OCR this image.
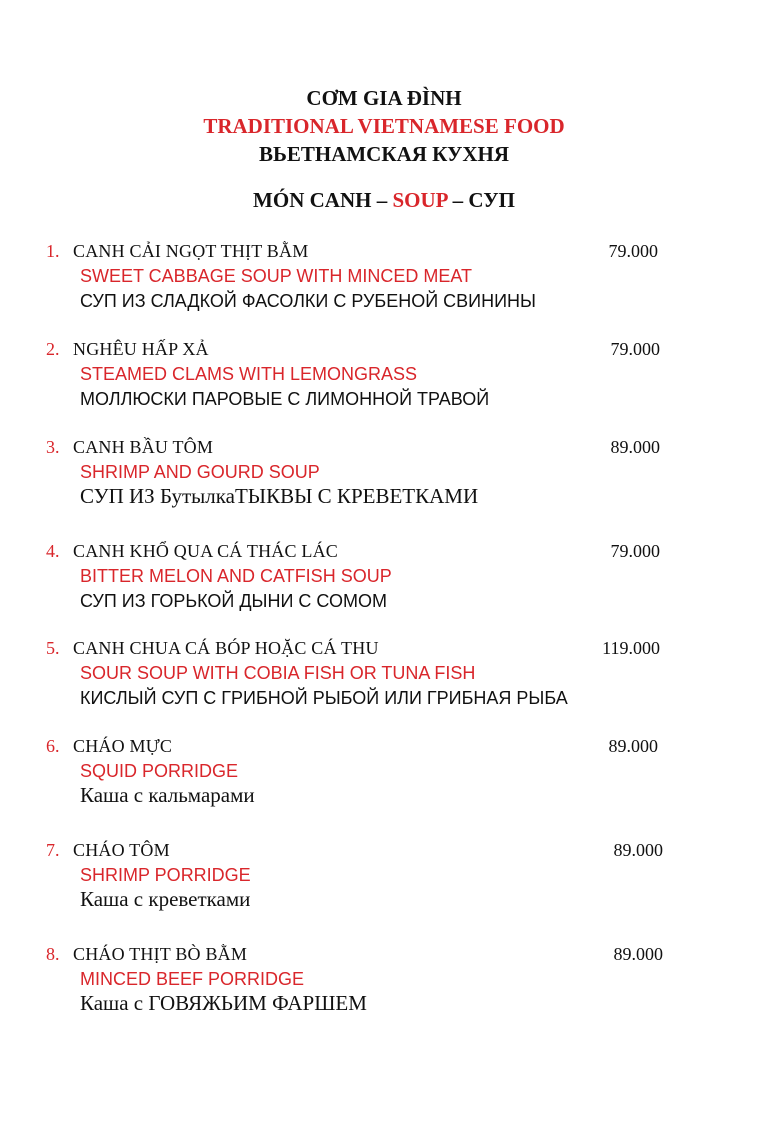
CƠM GIA ĐÌNH
TRADITIONAL VIETNAMESE FOOD
ВЬЕТНАМСКАЯ КУХНЯ
MÓN CANH – SOUP – СУП
1. CANH CẢI NGỌT THỊT BẰM	79.000
SWEET CABBAGE SOUP WITH MINCED MEAT
СУП ИЗ СЛАДКОЙ ФАСОЛКИ С РУБЕНОЙ СВИНИНЫ
2. NGHÊU HẤP XẢ	79.000
STEAMED CLAMS WITH LEMONGRASS
МОЛЛЮСКИ ПАРОВЫЕ С ЛИМОННОЙ ТРАВОЙ
3. CANH BẦU TÔM	89.000
SHRIMP AND GOURD SOUP
СУП ИЗ БутылкаТЫКВЫ С КРЕВЕТКАМИ
4. CANH KHỔ QUA CÁ THÁC LÁC	79.000
BITTER MELON AND CATFISH SOUP
СУП ИЗ ГОРЬКОЙ ДЫНИ С СОМОМ
5. CANH CHUA CÁ BÓP HOẶC CÁ THU	119.000
SOUR SOUP WITH COBIA FISH OR TUNA FISH
КИСЛЫЙ СУП С ГРИБНОЙ РЫБОЙ ИЛИ ГРИБНАЯ РЫБА
6. CHÁO MỰC	89.000
SQUID PORRIDGE
Каша с кальмарами
7. CHÁO TÔM	89.000
SHRIMP PORRIDGE
Каша с креветками
8. CHÁO THỊT BÒ BẰM	89.000
MINCED BEEF PORRIDGE
Каша с ГОВЯЖЬИМ ФАРШЕМ
